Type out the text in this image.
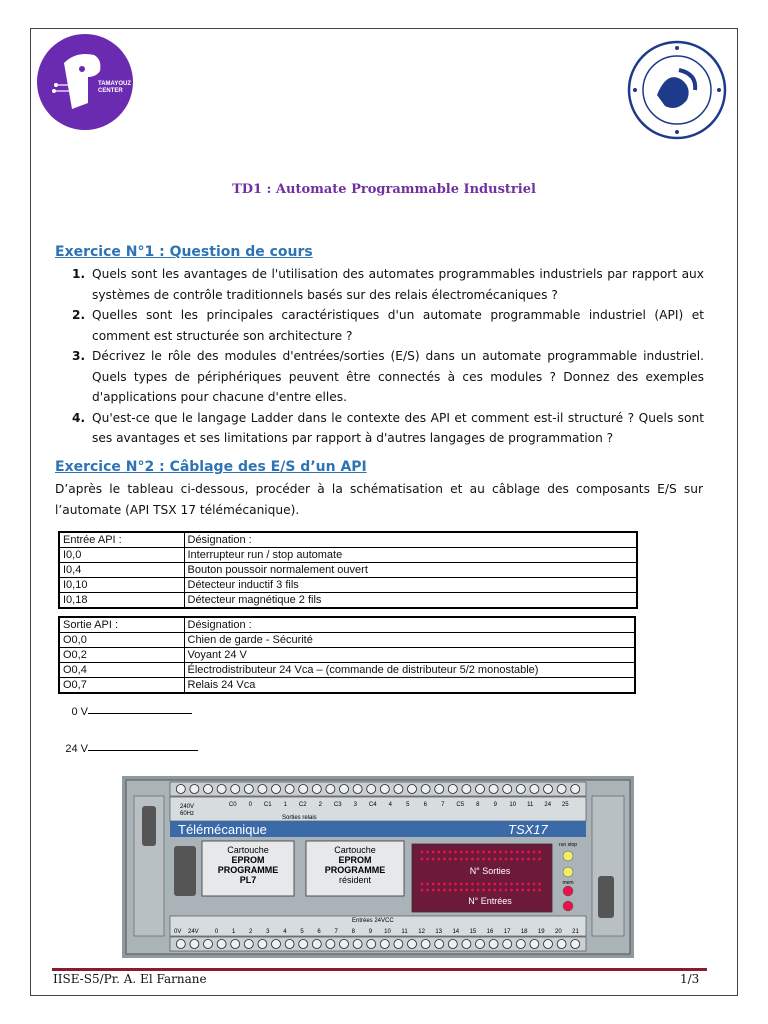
TAMAYOUZ
CENTER
TD1 : Automate Programmable Industriel
Exercice N°1 : Question de cours
1. Quels sont les avantages de l'utilisation des automates programmables industriels par rapport aux systèmes de contrôle traditionnels basés sur des relais électromécaniques ?
2. Quelles sont les principales caractéristiques d'un automate programmable industriel (API) et comment est structurée son architecture ?
3. Décrivez le rôle des modules d'entrées/sorties (E/S) dans un automate programmable industriel. Quels types de périphériques peuvent être connectés à ces modules ? Donnez des exemples d'applications pour chacune d'entre elles.
4. Qu'est-ce que le langage Ladder dans le contexte des API et comment est-il structuré ? Quels sont ses avantages et ses limitations par rapport à d'autres langages de programmation ?
Exercice N°2 : Câblage des E/S d’un API
D’après le tableau ci-dessous, procéder à la schématisation et au câblage des composants E/S sur l’automate (API TSX 17 télémécanique).
Entrée API :	Désignation :
I0,0	Interrupteur run / stop automate
I0,4	Bouton poussoir normalement ouvert
I0,10	Détecteur inductif 3 fils
I0,18	Détecteur magnétique 2 fils
Sortie API :	Désignation :
O0,0	Chien de garde - Sécurité
O0,2	Voyant 24 V
O0,4	Électrodistributeur 24 Vca – (commande de distributeur 5/2 monostable)
O0,7	Relais 24 Vca
0 V
24 V
C0 0 C1 1 C2 2 C3 3 C4 4 5 6 7 C5 8 9 10 11 24 25
240V
60Hz
Sorties relais
Télémécanique	TSX17
Cartouche
EPROM
PROGRAMME
PL7
Cartouche
EPROM
PROGRAMME
résident
N° Sorties
N° Entrées
run stop
mem
Entrées 24VCC
0V 24V	0 1 2 3 4 5 6 7 8 9 10 11 12 13 14 15 16 17 18 19 20 21
IISE-S5/Pr. A. El Farnane	1/3
